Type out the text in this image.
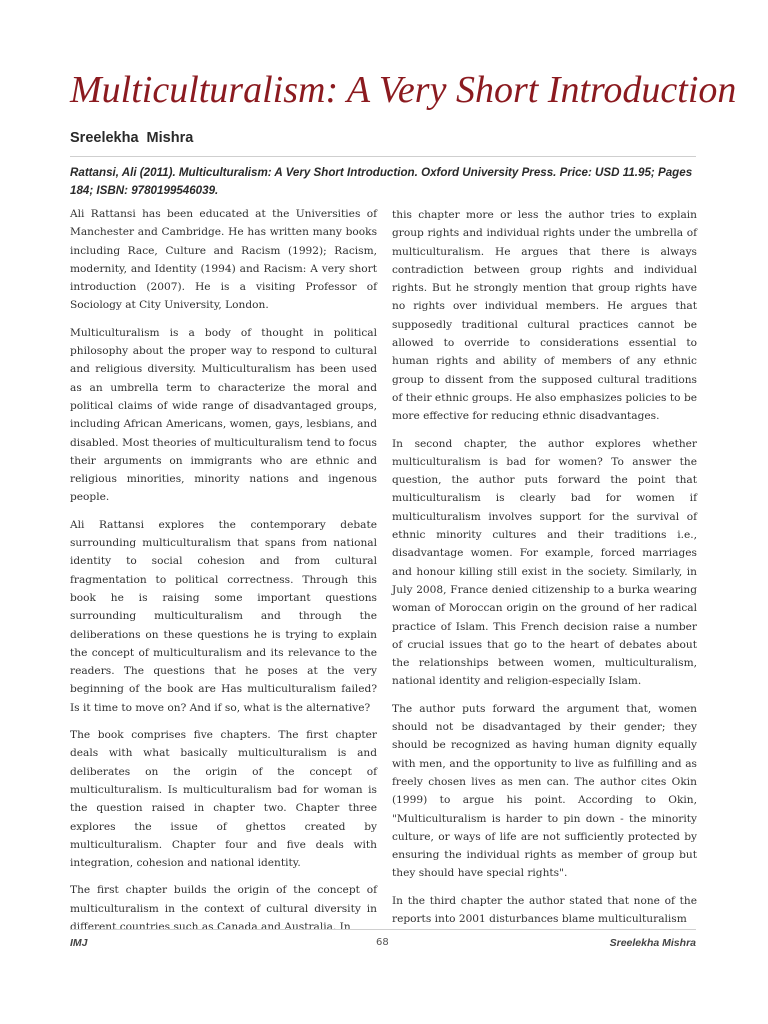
Multiculturalism: A Very Short Introduction

Sreelekha Mishra

Rattansi, Ali (2011). Multiculturalism: A Very Short Introduction. Oxford University Press. Price: USD 11.95; Pages 184; ISBN: 9780199546039.

Ali Rattansi has been educated at the Universities of Manchester and Cambridge. He has written many books including Race, Culture and Racism (1992); Racism, modernity, and Identity (1994) and Racism: A very short introduction (2007). He is a visiting Professor of Sociology at City University, London.

Multiculturalism is a body of thought in political philosophy about the proper way to respond to cultural and religious diversity. Multiculturalism has been used as an umbrella term to characterize the moral and political claims of wide range of disadvantaged groups, including African Americans, women, gays, lesbians, and disabled. Most theories of multiculturalism tend to focus their arguments on immigrants who are ethnic and religious minorities, minority nations and ingenous people.

Ali Rattansi explores the contemporary debate surrounding multiculturalism that spans from national identity to social cohesion and from cultural fragmentation to political correctness. Through this book he is raising some important questions surrounding multiculturalism and through the deliberations on these questions he is trying to explain the concept of multiculturalism and its relevance to the readers. The questions that he poses at the very beginning of the book are Has multiculturalism failed? Is it time to move on? And if so, what is the alternative?

The book comprises five chapters. The first chapter deals with what basically multiculturalism is and deliberates on the origin of the concept of multiculturalism. Is multiculturalism bad for woman is the question raised in chapter two. Chapter three explores the issue of ghettos created by multiculturalism. Chapter four and five deals with integration, cohesion and national identity.

The first chapter builds the origin of the concept of multiculturalism in the context of cultural diversity in different countries such as Canada and Australia. In

this chapter more or less the author tries to explain group rights and individual rights under the umbrella of multiculturalism. He argues that there is always contradiction between group rights and individual rights. But he strongly mention that group rights have no rights over individual members. He argues that supposedly traditional cultural practices cannot be allowed to override to considerations essential to human rights and ability of members of any ethnic group to dissent from the supposed cultural traditions of their ethnic groups. He also emphasizes policies to be more effective for reducing ethnic disadvantages.

In second chapter, the author explores whether multiculturalism is bad for women? To answer the question, the author puts forward the point that multiculturalism is clearly bad for women if multiculturalism involves support for the survival of ethnic minority cultures and their traditions i.e., disadvantage women. For example, forced marriages and honour killing still exist in the society. Similarly, in July 2008, France denied citizenship to a burka wearing woman of Moroccan origin on the ground of her radical practice of Islam. This French decision raise a number of crucial issues that go to the heart of debates about the relationships between women, multiculturalism, national identity and religion-especially Islam.

The author puts forward the argument that, women should not be disadvantaged by their gender; they should be recognized as having human dignity equally with men, and the opportunity to live as fulfilling and as freely chosen lives as men can. The author cites Okin (1999) to argue his point. According to Okin, "Multiculturalism is harder to pin down - the minority culture, or ways of life are not sufficiently protected by ensuring the individual rights as member of group but they should have special rights".

In the third chapter the author stated that none of the reports into 2001 disturbances blame multiculturalism

IMJ	68	Sreelekha Mishra
